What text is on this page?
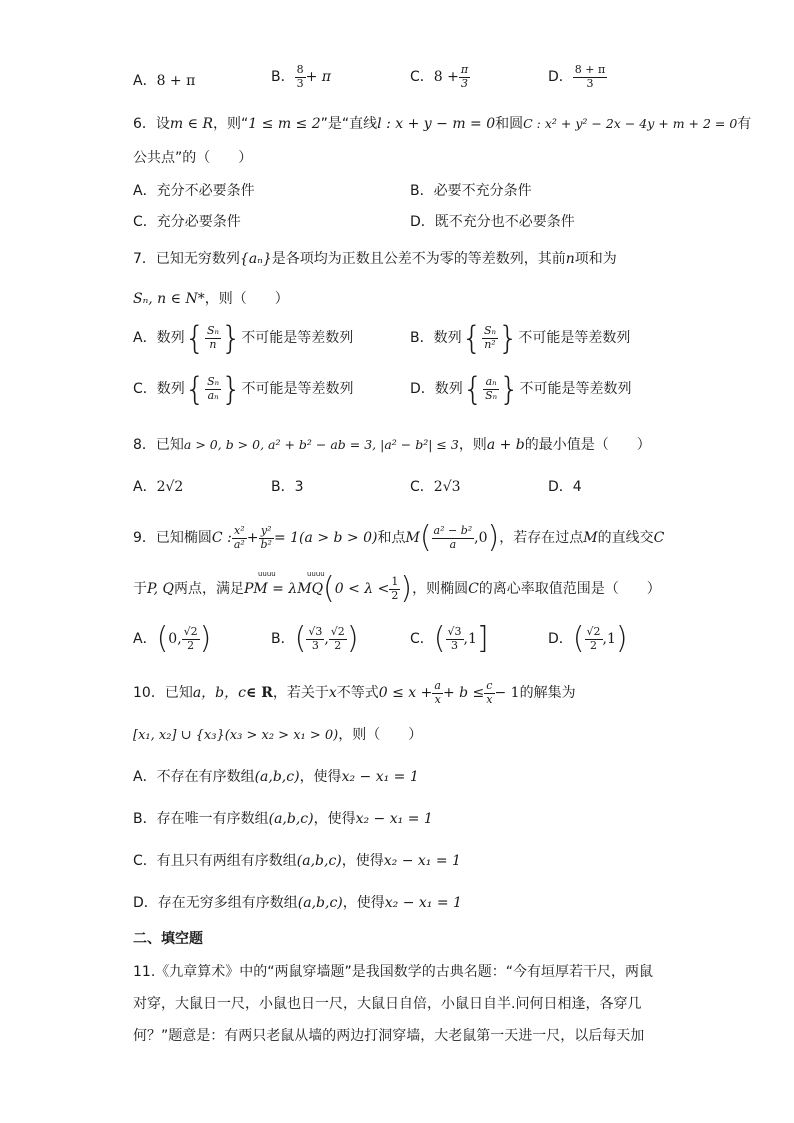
A．8 + π	B． $\frac{8}{3} + \pi$	C．$8 + \frac{\pi}{3}$	D． $\frac{8 + \pi}{3}$
6．设m ∈ R，则“1 ≤ m ≤ 2”是“直线l : x + y − m = 0和圆C : x² + y² − 2x − 4y + m + 2 = 0有
公共点”的（　　）
A．充分不必要条件	B．必要不充分条件
C．充分必要条件	D．既不充分也不必要条件
7．已知无穷数列{aₙ}是各项均为正数且公差不为零的等差数列，其前n项和为
Sₙ, n ∈ N*，则（　　）
A．数列{ $\frac{\text{Sₙ}}{n}$ }不可能是等差数列	B．数列{ $\frac{\text{Sₙ}}{\text{n²}}$ }不可能是等差数列
C．数列{ $\frac{\text{Sₙ}}{\text{aₙ}}$ }不可能是等差数列	D．数列{ $\frac{\text{aₙ}}{\text{Sₙ}}$ }不可能是等差数列
8．已知a > 0, b > 0, a² + b² − ab = 3, |a² − b²| ≤ 3，则a + b的最小值是（　　）
A．2√2	B．3	C．2√3	D．4
9．已知椭圆C : $\frac{\text{x²}}{\text{a²}} + \frac{\text{y²}}{\text{b²}} = 1(a > b > 0)$和点$M( \frac{\text{a² − b²}}{a} ,0)$，若存在过点M的直线交C
uuuu	uuuu
于P, Q两点，满足PM = $\lambda MQ(0 < \lambda < \frac{1}{2}$ )，则椭圆C的离心率取值范围是（　　）
A．(0, $\frac{√2}{2}$ )	B．( $\frac{√3}{3}$ , $\frac{√2}{2}$ )	C．( $\frac{√3}{3} ,1$]	D．( $\frac{√2}{2} ,1$)
10．已知a，b，c∈ R，若关于x不等式$0 \le x + \frac{a}{x} + b \le \frac{c}{x} - 1$的解集为
[x₁, x₂] ∪ {x₃}(x₃ > x₂ > x₁ > 0)，则（　　）
A．不存在有序数组(a,b,c)，使得x₂ − x₁ = 1
B．存在唯一有序数组(a,b,c)，使得x₂ − x₁ = 1
C．有且只有两组有序数组(a,b,c)，使得x₂ − x₁ = 1
D．存在无穷多组有序数组(a,b,c)，使得x₂ − x₁ = 1
二、填空题
11.《九章算术》中的“两鼠穿墙题”是我国数学的古典名题：“今有垣厚若干尺，两鼠
对穿，大鼠日一尺，小鼠也日一尺，大鼠日自倍，小鼠日自半.问何日相逢，各穿几
何？”题意是：有两只老鼠从墙的两边打洞穿墙，大老鼠第一天进一尺，以后每天加
